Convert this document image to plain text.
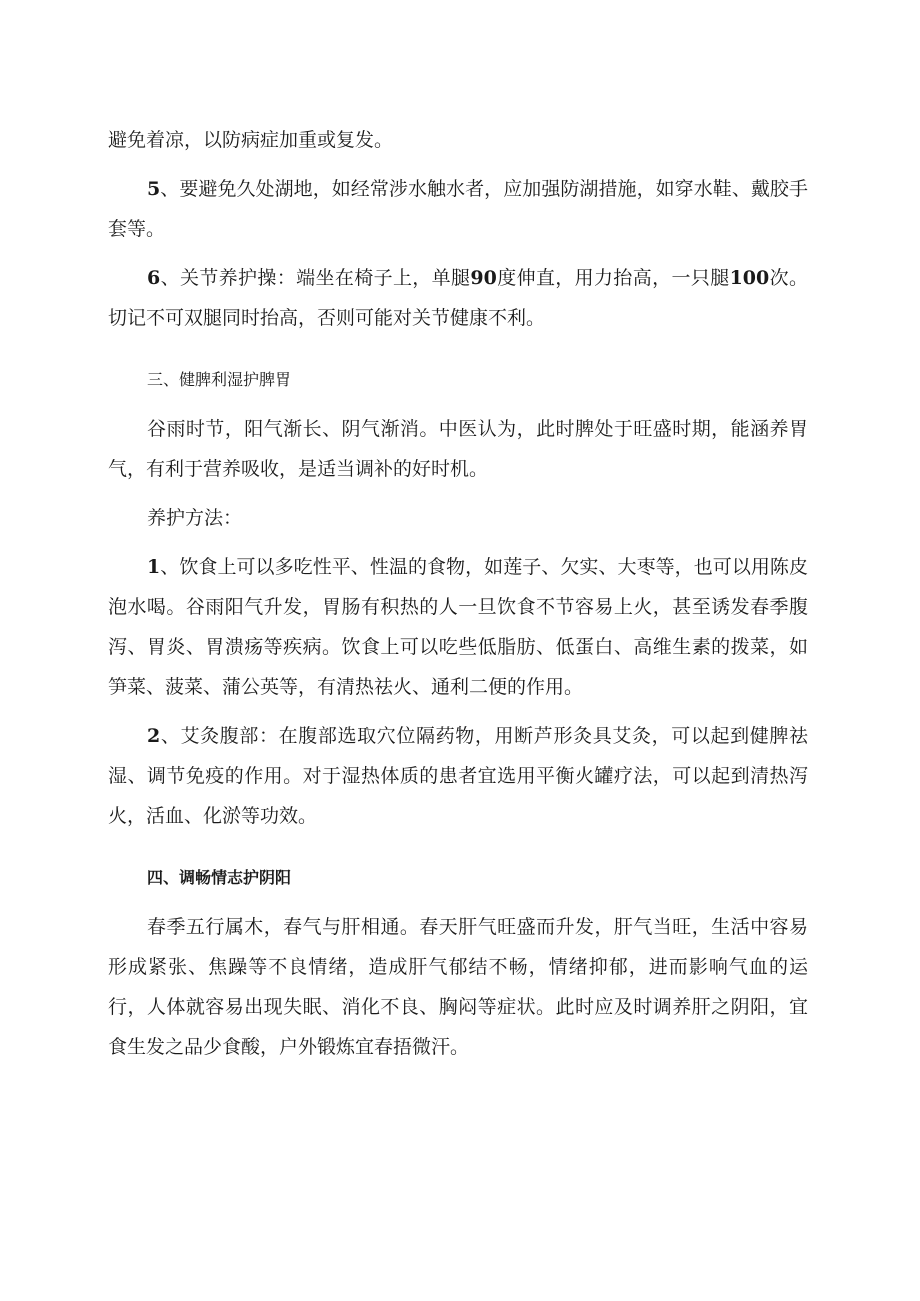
避免着凉，以防病症加重或复发。

5、要避免久处湖地，如经常涉水触水者，应加强防湖措施，如穿水鞋、戴胶手套等。

6、关节养护操：端坐在椅子上，单腿90度伸直，用力抬高，一只腿100次。切记不可双腿同时抬高，否则可能对关节健康不利。

三、健脾利湿护脾胃

谷雨时节，阳气渐长、阴气渐消。中医认为，此时脾处于旺盛时期，能涵养胃气，有利于营养吸收，是适当调补的好时机。

养护方法：

1、饮食上可以多吃性平、性温的食物，如莲子、欠实、大枣等，也可以用陈皮泡水喝。谷雨阳气升发，胃肠有积热的人一旦饮食不节容易上火，甚至诱发春季腹泻、胃炎、胃溃疡等疾病。饮食上可以吃些低脂肪、低蛋白、高维生素的拨菜，如笋菜、菠菜、蒲公英等，有清热祛火、通利二便的作用。

2、艾灸腹部：在腹部选取穴位隔药物，用断芦形灸具艾灸，可以起到健脾祛湿、调节免疫的作用。对于湿热体质的患者宜选用平衡火罐疗法，可以起到清热泻火，活血、化淤等功效。

四、调畅情志护阴阳

春季五行属木，春气与肝相通。春天肝气旺盛而升发，肝气当旺，生活中容易形成紧张、焦躁等不良情绪，造成肝气郁结不畅，情绪抑郁，进而影响气血的运行，人体就容易出现失眠、消化不良、胸闷等症状。此时应及时调养肝之阴阳，宜食生发之品少食酸，户外锻炼宜春捂微汗。
